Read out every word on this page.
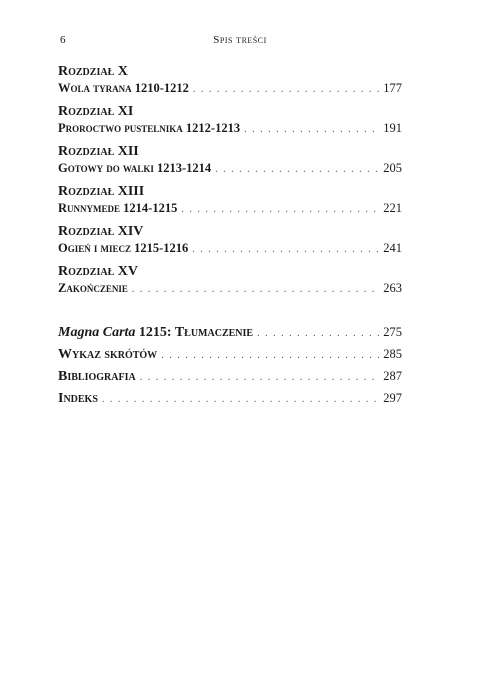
6	Spis treści
Rozdział X
Wola tyrana 1210-1212 . . .	177
Rozdział XI
Proroctwo pustelnika 1212-1213 . . .	191
Rozdział XII
Gotowy do walki 1213-1214 . . .	205
Rozdział XIII
Runnymede 1214-1215 . . .	221
Rozdział XIV
Ogień i miecz 1215-1216 . . .	241
Rozdział XV
Zakończenie . . .	263
Magna Carta 1215: Tłumaczenie . . .	275
Wykaz skrótów . . .	285
Bibliografia . . .	287
Indeks . . .	297
